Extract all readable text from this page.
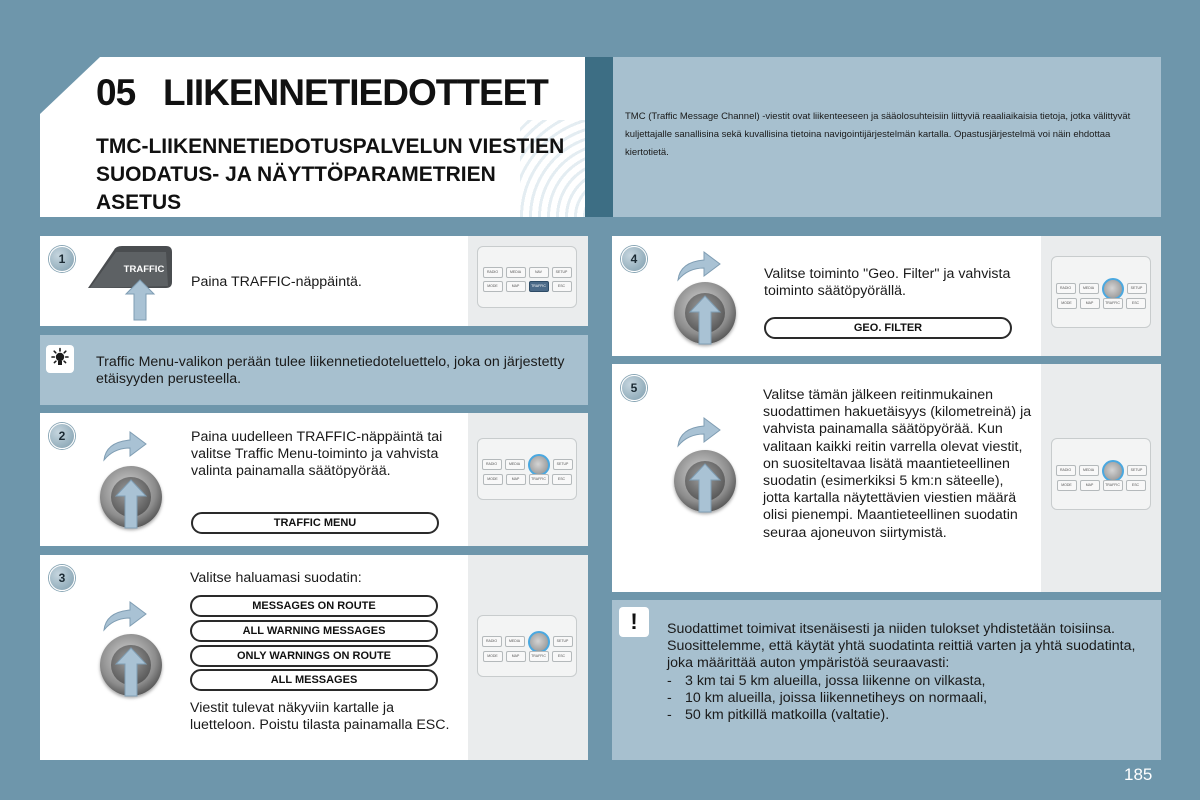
05 LIIKENNETIEDOTTEET
TMC-LIIKENNETIEDOTUSPALVELUN VIESTIEN SUODATUS- JA NÄYTTÖPARAMETRIEN ASETUS
TMC (Traffic Message Channel) -viestit ovat liikenteeseen ja sääolosuhteisiin liittyviä reaaliaikaisia tietoja, jotka välittyvät kuljettajalle sanallisina sekä kuvallisina tietoina navigointijärjestelmän kartalla. Opastusjärjestelmä voi näin ehdottaa kiertotietä.
1
TRAFFIC
Paina TRAFFIC-näppäintä.
RADIO	MEDIA	NAV	SETUP
MODE	MAP	TRAFFIC	ESC
Traffic Menu-valikon perään tulee liikennetiedoteluettelo, joka on järjestetty etäisyyden perusteella.
2	Paina uudelleen TRAFFIC-näppäintä tai valitse Traffic Menu-toiminto ja vahvista valinta painamalla säätöpyörää.
TRAFFIC MENU
RADIO	MEDIA	SETUP
MODE	MAP	TRAFFIC	ESC
3	Valitse haluamasi suodatin:
MESSAGES ON ROUTE
ALL WARNING MESSAGES
ONLY WARNINGS ON ROUTE
ALL MESSAGES
Viestit tulevat näkyviin kartalle ja luetteloon. Poistu tilasta painamalla ESC.
RADIO	MEDIA	SETUP
MODE	MAP	TRAFFIC	ESC
4
Valitse toiminto "Geo. Filter" ja vahvista toiminto säätöpyörällä.
GEO. FILTER
RADIO	MEDIA	SETUP
MODE	MAP	TRAFFIC	ESC
5	Valitse tämän jälkeen reitinmukainen suodattimen hakuetäisyys (kilometreinä) ja vahvista painamalla säätöpyörää. Kun valitaan kaikki reitin varrella olevat viestit, on suositeltavaa lisätä maantieteellinen suodatin (esimerkiksi 5 km:n säteelle), jotta kartalla näytettävien viestien määrä olisi pienempi. Maantieteellinen suodatin seuraa ajoneuvon siirtymistä.
RADIO	MEDIA	SETUP
MODE	MAP	TRAFFIC	ESC
!	Suodattimet toimivat itsenäisesti ja niiden tulokset yhdistetään toisiinsa.
Suosittelemme, että käytät yhtä suodatinta reittiä varten ja yhtä suodatinta, joka määrittää auton ympäristöä seuraavasti:
- 3 km tai 5 km alueilla, jossa liikenne on vilkasta,
- 10 km alueilla, joissa liikennetiheys on normaali,
- 50 km pitkillä matkoilla (valtatie).
185
